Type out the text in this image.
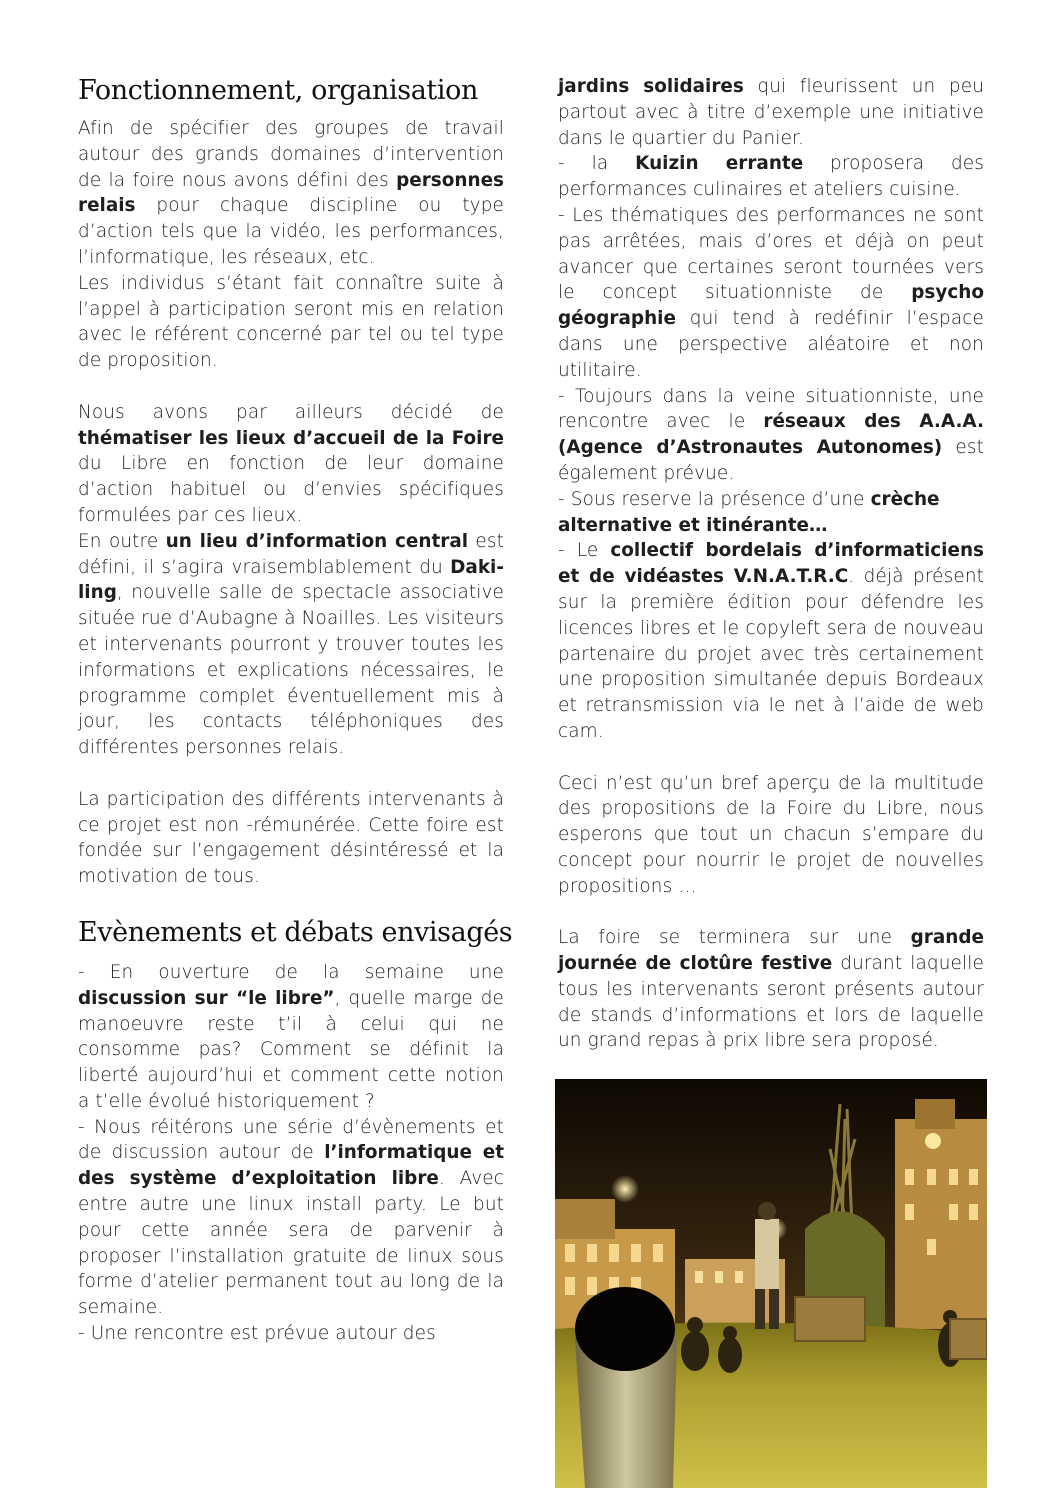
Fonctionnement, organisation

Afin de spécifier des groupes de travail autour des grands domaines d’intervention de la foire nous avons défini des personnes relais pour chaque discipline ou type d’action tels que la vidéo, les performances, l’informatique, les réseaux, etc.

Les individus s’étant fait connaître suite à l’appel à participation seront mis en relation avec le référent concerné par tel ou tel type de proposition.

Nous avons par ailleurs décidé de thématiser les lieux d’accueil de la Foire du Libre en fonction de leur domaine d’action habituel ou d’envies spécifiques formulées par ces lieux.

En outre un lieu d’information central est défini, il s’agira vraisemblablement du Daki-ling, nouvelle salle de spectacle associative située rue d’Aubagne à Noailles. Les visiteurs et intervenants pourront y trouver toutes les informations et explications nécessaires, le programme complet éventuellement mis à jour, les contacts téléphoniques des différentes personnes relais.

La participation des différents intervenants à ce projet est non -rémunérée. Cette foire est fondée sur l’engagement désintéressé et la motivation de tous.

Evènements et débats envisagés

- En ouverture de la semaine une discussion sur “le libre”, quelle marge de manoeuvre reste t’il à celui qui ne consomme pas? Comment se définit la liberté aujourd’hui et comment cette notion a t’elle évolué historiquement ?

- Nous réitérons une série d’évènements et de discussion autour de l’informatique et des système d’exploitation libre. Avec entre autre une linux install party. Le but pour cette année sera de parvenir à proposer l’installation gratuite de linux sous forme d’atelier permanent tout au long de la semaine.

- Une rencontre est prévue autour des

jardins solidaires qui fleurissent un peu partout avec à titre d’exemple une initiative dans le quartier du Panier.

- la Kuizin errante proposera des performances culinaires et ateliers cuisine.

- Les thématiques des performances ne sont pas arrêtées, mais d’ores et déjà on peut avancer que certaines seront tournées vers le concept situationniste de psycho géographie qui tend à redéfinir l’espace dans une perspective aléatoire et non utilitaire.

- Toujours dans la veine situationniste, une rencontre avec le réseaux des A.A.A. (Agence d’Astronautes Autonomes) est également prévue.

- Sous reserve la présence d’une crèche alternative et itinérante…

- Le collectif bordelais d’informaticiens et de vidéastes V.N.A.T.R.C. déjà présent sur la première édition pour défendre les licences libres et le copyleft sera de nouveau partenaire du projet avec très certainement une proposition simultanée depuis Bordeaux et retransmission via le net à l’aide de web cam.

Ceci n’est qu’un bref aperçu de la multitude des propositions de la Foire du Libre, nous esperons que tout un chacun s’empare du concept pour nourrir le projet de nouvelles propositions …

La foire se terminera sur une grande journée de clotûre festive durant laquelle tous les intervenants seront présents autour de stands d’informations et lors de laquelle un grand repas à prix libre sera proposé.
